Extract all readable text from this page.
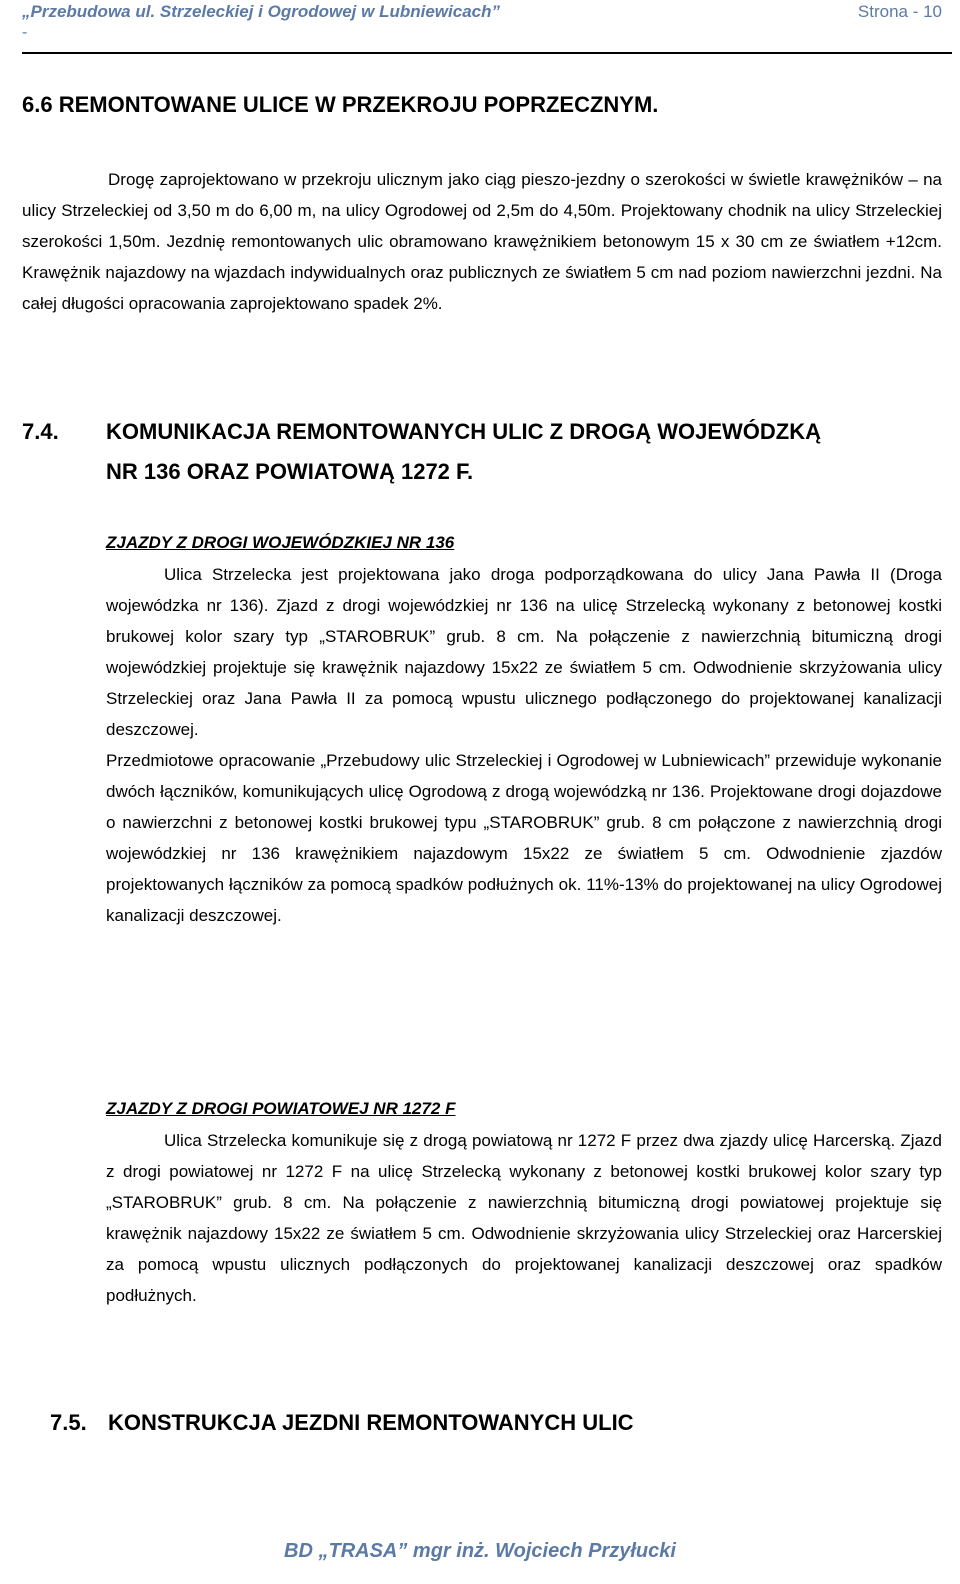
„Przebudowa ul. Strzeleckiej i Ogrodowej w Lubniewicach”	Strona - 10
-
6.6 REMONTOWANE ULICE W PRZEKROJU POPRZECZNYM.
Drogę zaprojektowano w przekroju ulicznym jako ciąg pieszo-jezdny o szerokości w świetle krawężników – na ulicy Strzeleckiej od 3,50 m do 6,00 m, na ulicy Ogrodowej od 2,5m do 4,50m. Projektowany chodnik na ulicy Strzeleckiej szerokości 1,50m. Jezdnię remontowanych ulic obramowano krawężnikiem betonowym 15 x 30 cm ze światłem +12cm. Krawężnik najazdowy na wjazdach indywidualnych oraz publicznych ze światłem 5 cm nad poziom nawierzchni jezdni. Na całej długości opracowania zaprojektowano spadek 2%.
7.4. KOMUNIKACJA REMONTOWANYCH ULIC Z DROGĄ WOJEWÓDZKĄ
NR 136 ORAZ POWIATOWĄ 1272 F.
ZJAZDY Z DROGI WOJEWÓDZKIEJ NR 136
Ulica Strzelecka jest projektowana jako droga podporządkowana do ulicy Jana Pawła II (Droga wojewódzka nr 136). Zjazd z drogi wojewódzkiej nr 136 na ulicę Strzelecką wykonany z betonowej kostki brukowej kolor szary typ „STAROBRUK” grub. 8 cm. Na połączenie z nawierzchnią bitumiczną drogi wojewódzkiej projektuje się krawężnik najazdowy 15x22 ze światłem 5 cm. Odwodnienie skrzyżowania ulicy Strzeleckiej oraz Jana Pawła II za pomocą wpustu ulicznego podłączonego do projektowanej kanalizacji deszczowej.
Przedmiotowe opracowanie „Przebudowy ulic Strzeleckiej i Ogrodowej w Lubniewicach” przewiduje wykonanie dwóch łączników, komunikujących ulicę Ogrodową z drogą wojewódzką nr 136. Projektowane drogi dojazdowe o nawierzchni z betonowej kostki brukowej typu „STAROBRUK” grub. 8 cm połączone z nawierzchnią drogi wojewódzkiej nr 136 krawężnikiem najazdowym 15x22 ze światłem 5 cm. Odwodnienie zjazdów projektowanych łączników za pomocą spadków podłużnych ok. 11%-13% do projektowanej na ulicy Ogrodowej kanalizacji deszczowej.
ZJAZDY Z DROGI POWIATOWEJ NR 1272 F
Ulica Strzelecka komunikuje się z drogą powiatową nr 1272 F przez dwa zjazdy ulicę Harcerską. Zjazd z drogi powiatowej nr 1272 F na ulicę Strzelecką wykonany z betonowej kostki brukowej kolor szary typ „STAROBRUK” grub. 8 cm. Na połączenie z nawierzchnią bitumiczną drogi powiatowej projektuje się krawężnik najazdowy 15x22 ze światłem 5 cm. Odwodnienie skrzyżowania ulicy Strzeleckiej oraz Harcerskiej za pomocą wpustu ulicznych podłączonych do projektowanej kanalizacji deszczowej oraz spadków podłużnych.
7.5. KONSTRUKCJA JEZDNI REMONTOWANYCH ULIC
BD „TRASA” mgr inż. Wojciech Przyłucki
